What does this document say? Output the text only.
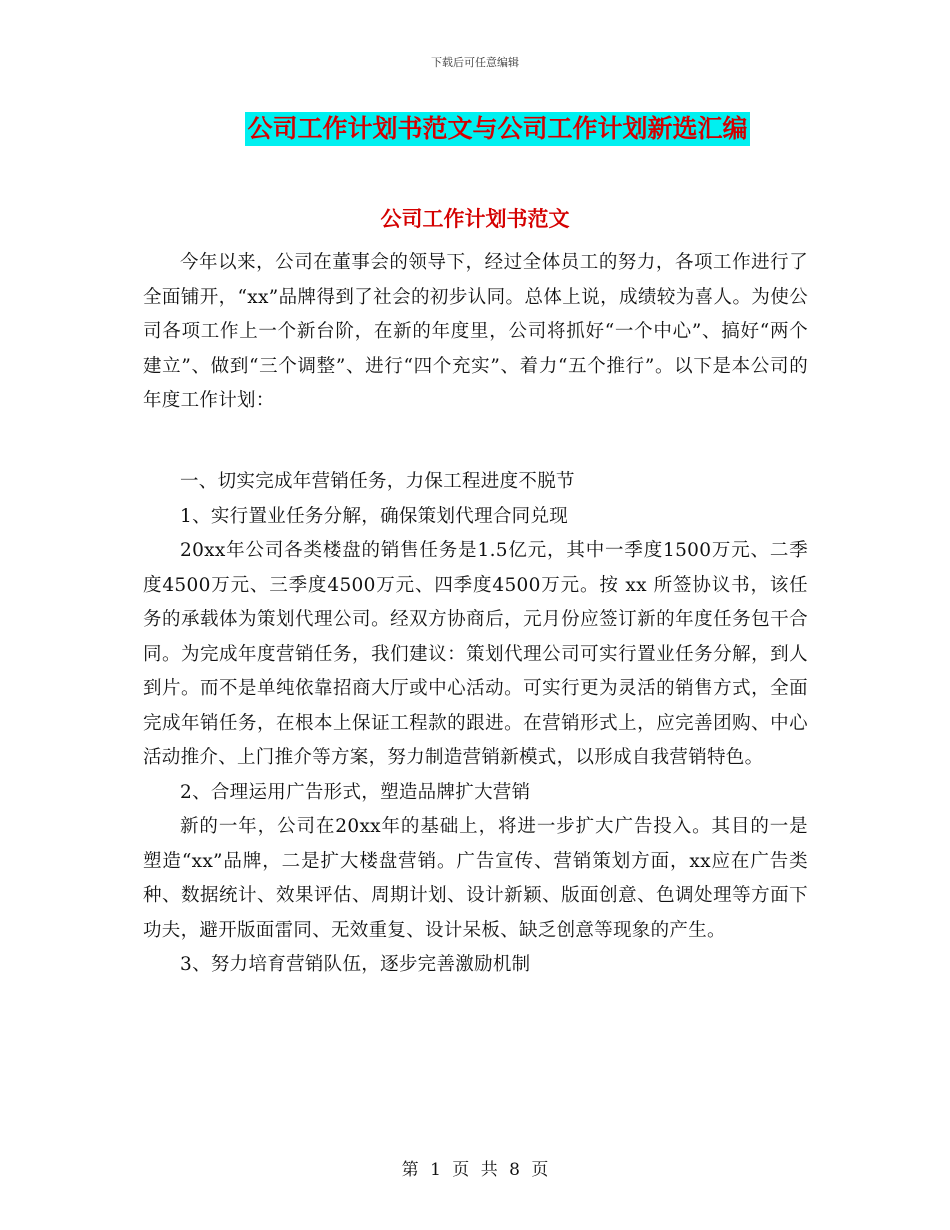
下载后可任意编辑
公司工作计划书范文与公司工作计划新选汇编
公司工作计划书范文

今年以来，公司在董事会的领导下，经过全体员工的努力，各项工作进行了全面铺开，“xx”品牌得到了社会的初步认同。总体上说，成绩较为喜人。为使公司各项工作上一个新台阶，在新的年度里，公司将抓好“一个中心”、搞好“两个建立”、做到“三个调整”、进行“四个充实”、着力“五个推行”。以下是本公司的年度工作计划：

一、切实完成年营销任务，力保工程进度不脱节

1、实行置业任务分解，确保策划代理合同兑现

20xx年公司各类楼盘的销售任务是1.5亿元，其中一季度1500万元、二季度4500万元、三季度4500万元、四季度4500万元。按 xx 所签协议书，该任务的承载体为策划代理公司。经双方协商后，元月份应签订新的年度任务包干合同。为完成年度营销任务，我们建议：策划代理公司可实行置业任务分解，到人到片。而不是单纯依靠招商大厅或中心活动。可实行更为灵活的销售方式，全面完成年销任务，在根本上保证工程款的跟进。在营销形式上，应完善团购、中心活动推介、上门推介等方案，努力制造营销新模式，以形成自我营销特色。

2、合理运用广告形式，塑造品牌扩大营销

新的一年，公司在20xx年的基础上，将进一步扩大广告投入。其目的一是塑造“xx”品牌，二是扩大楼盘营销。广告宣传、营销策划方面，xx应在广告类种、数据统计、效果评估、周期计划、设计新颖、版面创意、色调处理等方面下功夫，避开版面雷同、无效重复、设计呆板、缺乏创意等现象的产生。

3、努力培育营销队伍，逐步完善激励机制

第 1 页 共 8 页
